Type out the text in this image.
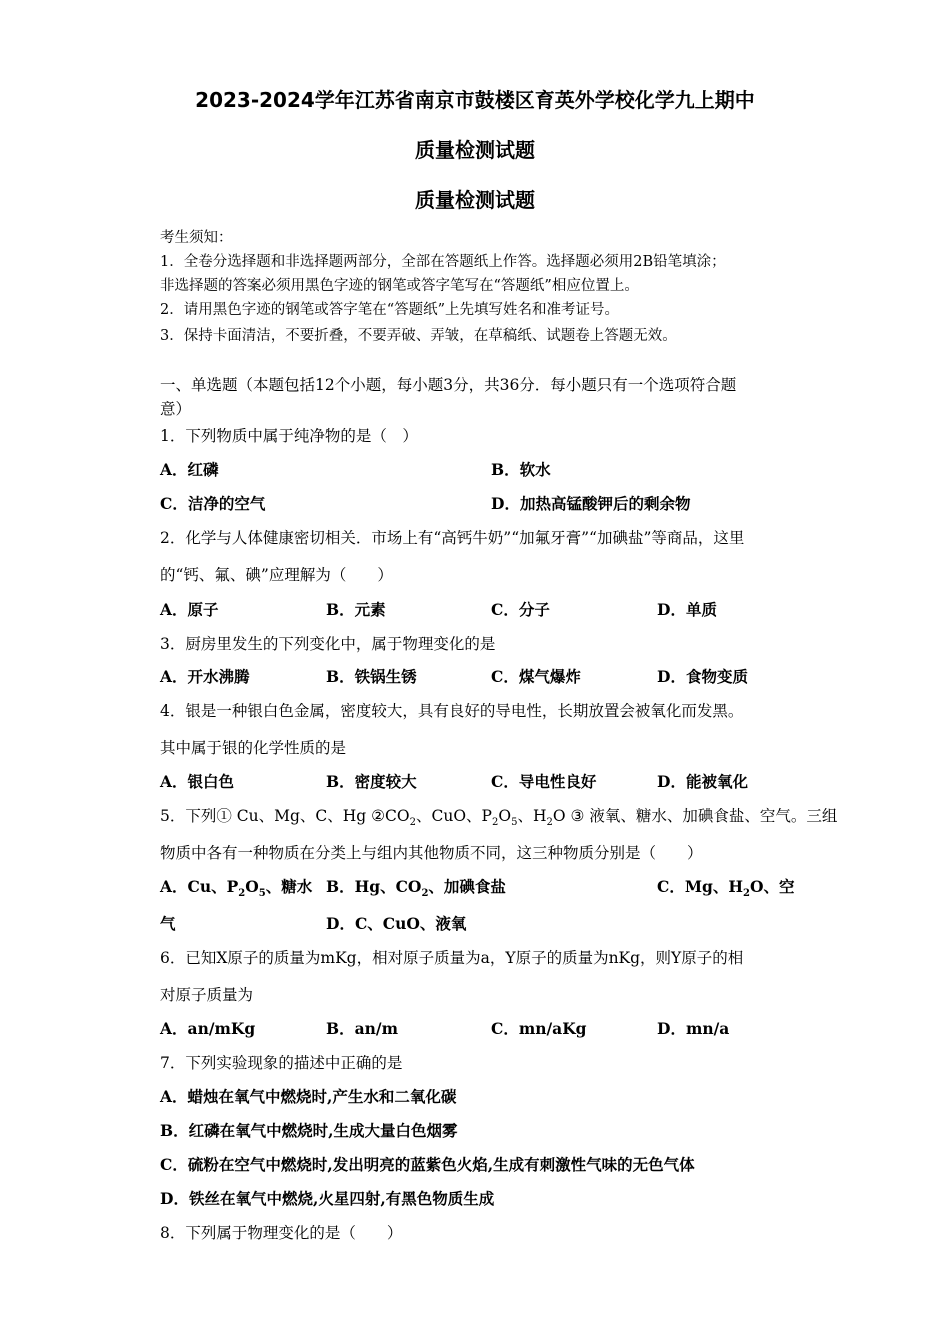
2023-2024学年江苏省南京市鼓楼区育英外学校化学九上期中
质量检测试题
质量检测试题
考生须知：
1．全卷分选择题和非选择题两部分，全部在答题纸上作答。选择题必须用2B铅笔填涂；
非选择题的答案必须用黑色字迹的钢笔或答字笔写在“答题纸”相应位置上。
2．请用黑色字迹的钢笔或答字笔在“答题纸”上先填写姓名和准考证号。
3．保持卡面清洁，不要折叠，不要弄破、弄皱，在草稿纸、试题卷上答题无效。
一、单选题（本题包括12个小题，每小题3分，共36分．每小题只有一个选项符合题
意）
1．下列物质中属于纯净物的是（　）
A．红磷	B．软水
C．洁净的空气	D．加热高锰酸钾后的剩余物
2．化学与人体健康密切相关．市场上有“高钙牛奶”“加氟牙膏”“加碘盐”等商品，这里
的“钙、氟、碘”应理解为（　　）
A．原子	B．元素	C．分子	D．单质
3．厨房里发生的下列变化中，属于物理变化的是
A．开水沸腾	B．铁锅生锈	C．煤气爆炸	D．食物变质
4．银是一种银白色金属，密度较大，具有良好的导电性，长期放置会被氧化而发黑。
其中属于银的化学性质的是
A．银白色	B．密度较大	C．导电性良好	D．能被氧化
5．下列① Cu、Mg、C、Hg $②CO_2$、CuO、$P_2O_5$、$H_2O$ ③ 液氧、糖水、加碘食盐、空气。三组
物质中各有一种物质在分类上与组内其他物质不同，这三种物质分别是（　　）
A．Cu、$P_2O_5$、糖水 B．Hg、$CO_2$、加碘食盐	C．Mg、$H_2O$、空
气	D．C、CuO、液氧
6．已知X原子的质量为mKg，相对原子质量为a，Y原子的质量为nKg，则Y原子的相
对原子质量为
A．an/mKg	B．an/m	C．mn/aKg	D．mn/a
7．下列实验现象的描述中正确的是
A．蜡烛在氧气中燃烧时,产生水和二氧化碳
B．红磷在氧气中燃烧时,生成大量白色烟雾
C．硫粉在空气中燃烧时,发出明亮的蓝紫色火焰,生成有刺激性气味的无色气体
D．铁丝在氧气中燃烧,火星四射,有黑色物质生成
8．下列属于物理变化的是（　　）
